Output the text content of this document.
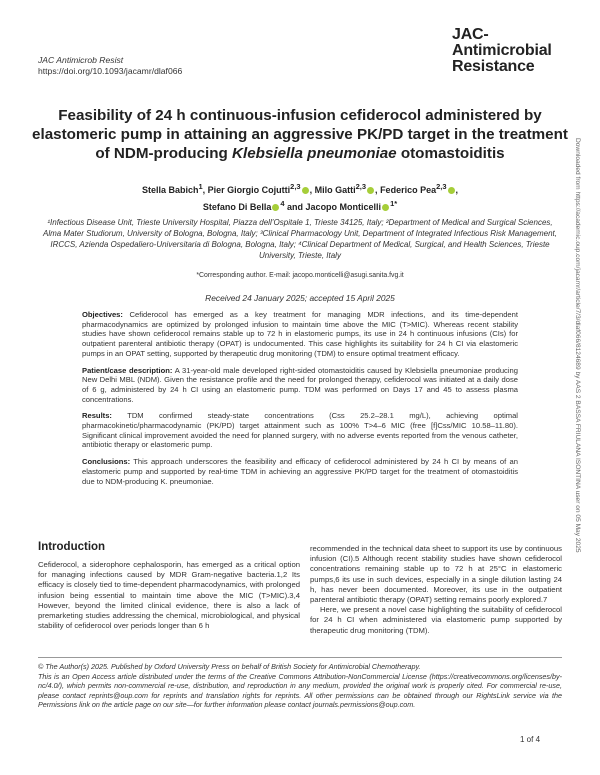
JAC Antimicrob Resist
https://doi.org/10.1093/jacamr/dlaf066
JAC-
Antimicrobial
Resistance
Feasibility of 24 h continuous-infusion cefiderocol administered by elastomeric pump in attaining an aggressive PK/PD target in the treatment of NDM-producing Klebsiella pneumoniae otomastoiditis
Stella Babich$^1$, Pier Giorgio Cojutti$^{2,3}$ , Milo Gatti$^{2,3}$ , Federico Pea$^{2,3}$ ,
Stefano Di Bella $^4$ and Jacopo Monticelli $^{1*}$
¹Infectious Disease Unit, Trieste University Hospital, Piazza dell’Ospitale 1, Trieste 34125, Italy; ²Department of Medical and Surgical Sciences, Alma Mater Studiorum, University of Bologna, Bologna, Italy; ³Clinical Pharmacology Unit, Department of Integrated Infectious Risk Management, IRCCS, Azienda Ospedaliero-Universitaria di Bologna, Bologna, Italy; ⁴Clinical Department of Medical, Surgical, and Health Sciences, Trieste University, Trieste, Italy
*Corresponding author. E-mail: jacopo.monticelli@asugi.sanita.fvg.it
Received 24 January 2025; accepted 15 April 2025

Objectives: Cefiderocol has emerged as a key treatment for managing MDR infections, and its time-dependent pharmacodynamics are optimized by prolonged infusion to maintain time above the MIC (T>MIC). Whereas recent stability studies have shown cefiderocol remains stable up to 72 h in elastomeric pumps, its use in 24 h continuous infusions (CIs) for outpatient parenteral antibiotic therapy (OPAT) is undocumented. This case highlights its suitability for 24 h CI via elastomeric pumps in an OPAT setting, supported by therapeutic drug monitoring (TDM) to ensure optimal treatment efficacy.

Patient/case description: A 31-year-old male developed right-sided otomastoiditis caused by Klebsiella pneumoniae producing New Delhi MBL (NDM). Given the resistance profile and the need for prolonged therapy, cefiderocol was initiated at a daily dose of 6 g, administered by 24 h CI using an elastomeric pump. TDM was performed on Days 17 and 45 to assess plasma concentrations.

Results: TDM confirmed steady-state concentrations (Css 25.2–28.1 mg/L), achieving optimal pharmacokinetic/pharmacodynamic (PK/PD) target attainment such as 100% T>4–6 MIC (free [f]Css/MIC 10.58–11.80). Significant clinical improvement avoided the need for planned surgery, with no adverse events reported from the venous catheter, antibiotic therapy or elastomeric pump.

Conclusions: This approach underscores the feasibility and efficacy of cefiderocol administered by 24 h CI by means of an elastomeric pump and supported by real-time TDM in achieving an aggressive PK/PD target for the treatment of otomastoiditis due to NDM-producing K. pneumoniae.	Downloaded from https://academic.oup.com/jacamr/article/7/3/dlaf066/8124689 by AAS 2 BASSA FRIULANA ISONTINA user on 05 May 2025
Introduction

Cefiderocol, a siderophore cephalosporin, has emerged as a critical option for managing infections caused by MDR Gram-negative bacteria.1,2 Its efficacy is closely tied to time-dependent pharmacodynamics, with prolonged infusion being essential to maintain time above the MIC (T>MIC).3,4 However, beyond the limited clinical evidence, there is also a lack of premarketing studies addressing the chemical, microbiological, and physical stability of cefiderocol over periods longer than 6 h

recommended in the technical data sheet to support its use by continuous infusion (CI).5 Although recent stability studies have shown cefiderocol concentrations remaining stable up to 72 h at 25°C in elastomeric pumps,6 its use in such devices, especially in a single dilution lasting 24 h, has never been documented. Moreover, its use in the outpatient parenteral antibiotic therapy (OPAT) setting remains poorly explored.7

Here, we present a novel case highlighting the suitability of cefiderocol for 24 h CI when administered via elastomeric pump supported by therapeutic drug monitoring (TDM).

© The Author(s) 2025. Published by Oxford University Press on behalf of British Society for Antimicrobial Chemotherapy.
This is an Open Access article distributed under the terms of the Creative Commons Attribution-NonCommercial License (https://creativecommons.org/licenses/by-nc/4.0/), which permits non-commercial re-use, distribution, and reproduction in any medium, provided the original work is properly cited. For commercial re-use, please contact reprints@oup.com for reprints and translation rights for reprints. All other permissions can be obtained through our RightsLink service via the Permissions link on the article page on our site—for further information please contact journals.permissions@oup.com.
1 of 4
